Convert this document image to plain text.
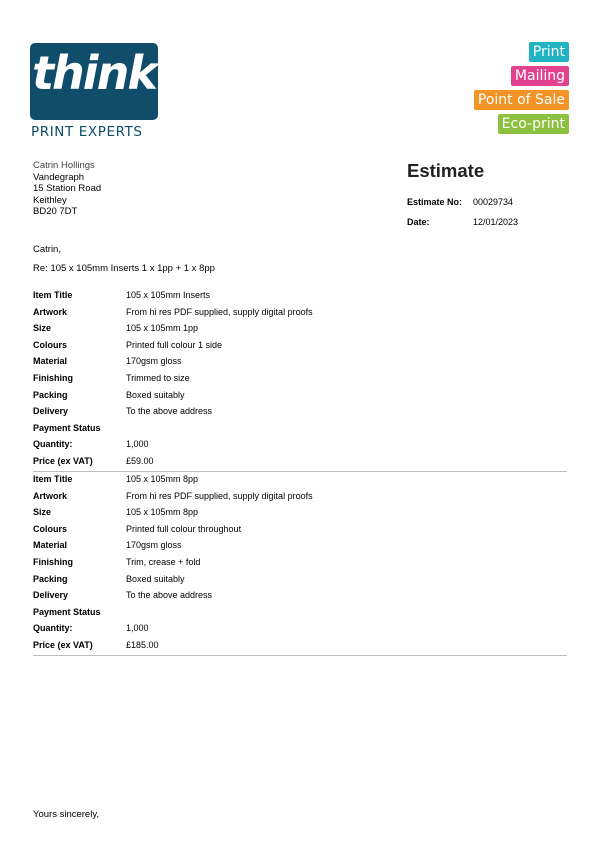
think
PRINT EXPERTS
Print
Mailing
Point of Sale
Eco-print
Catrin Hollings
Vandegraph
15 Station Road
Keithley
BD20 7DT
Estimate
Estimate No: 00029734
Date:	12/01/2023
Catrin,
Re: 105 x 105mm Inserts 1 x 1pp + 1 x 8pp
Item Title	105 x 105mm Inserts
Artwork	From hi res PDF supplied, supply digital proofs
Size	105 x 105mm 1pp
Colours	Printed full colour 1 side
Material	170gsm gloss
Finishing	Trimmed to size
Packing	Boxed suitably
Delivery	To the above address
Payment Status
Quantity:	1,000
Price (ex VAT)	£59.00
Item Title	105 x 105mm 8pp
Artwork	From hi res PDF supplied, supply digital proofs
Size	105 x 105mm 8pp
Colours	Printed full colour throughout
Material	170gsm gloss
Finishing	Trim, crease + fold
Packing	Boxed suitably
Delivery	To the above address
Payment Status
Quantity:	1,000
Price (ex VAT)	£185.00
Yours sincerely,
